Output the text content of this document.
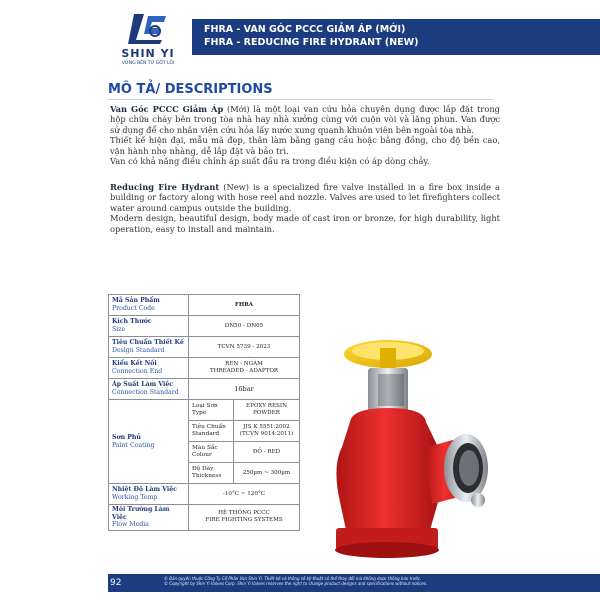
SHIN YI
VỮNG BỀN TỪ GỐT LÕI
FHRA - VAN GÓC PCCC GIẢM ÁP (MỚI)
FHRA - REDUCING FIRE HYDRANT (NEW)
MÔ TẢ/ DESCRIPTIONS
Van Góc PCCC Giảm Áp (Mới) là một loại van cứu hỏa chuyên dụng được lắp đặt trong hộp chữa cháy bên trong tòa nhà hay nhà xưởng cùng với cuộn vòi và lăng phun. Van được sử dụng để cho nhân viên cứu hỏa lấy nước xung quanh khuôn viên bên ngoài tòa nhà.
Thiết kế hiện đại, mẫu mã đẹp, thân làm bằng gang cầu hoặc bằng đồng, cho độ bền cao, vận hành nhẹ nhàng, dễ lắp đặt và bảo trì.
Van có khả năng điều chỉnh áp suất đầu ra trong điều kiện có áp dòng chảy.
Reducing Fire Hydrant (New) is a specialized fire valve installed in a fire box inside a building or factory along with hose reel and nozzle. Valves are used to let firefighters collect water around campus outside the building.
Modern design, beautiful design, body made of cast iron or bronze, for high durability, light operation, easy to install and maintain.
Mã Sản Phẩm
Product Code	FHRA	

Kích Thước
Size	DN50 - DN65	

Tiêu Chuẩn Thiết Kế
Design Standard	TCVN 5739 - 2023	

Kiểu Kết Nối
Connection End	REN - NGÀM
THREADED - ADAPTOR	

Áp Suất Làm Việc
Connection Standard	16bar	

Sơn Phủ
Paint Coating	Loại Sơn
Type	EPOXY RESIN
POWDER

	Tiêu Chuẩn
Standard	JIS K 5551:2002
(TCVN 9014:2011)

	Màu Sắc
Colour	ĐỎ - RED

	Độ Dày
Thickness	250µm ~ 300µm

Nhiệt Độ Làm Việc
Working Temp	-10°C ~ 120°C	

Môi Trường Làm Việc
Flow Media	HỆ THỐNG PCCC
FIRE FIGHTING SYSTEMS	
92	© Bản quyền thuộc Công Ty Cổ Phần Van Shin Yi. Thiết kế và thông số kỹ thuật có thể thay đổi mà không được thông báo trước.
© Copyright by Shin Yi Valves Corp. Shin Yi Valves reserves the right to change product designs and specifications without notices.
